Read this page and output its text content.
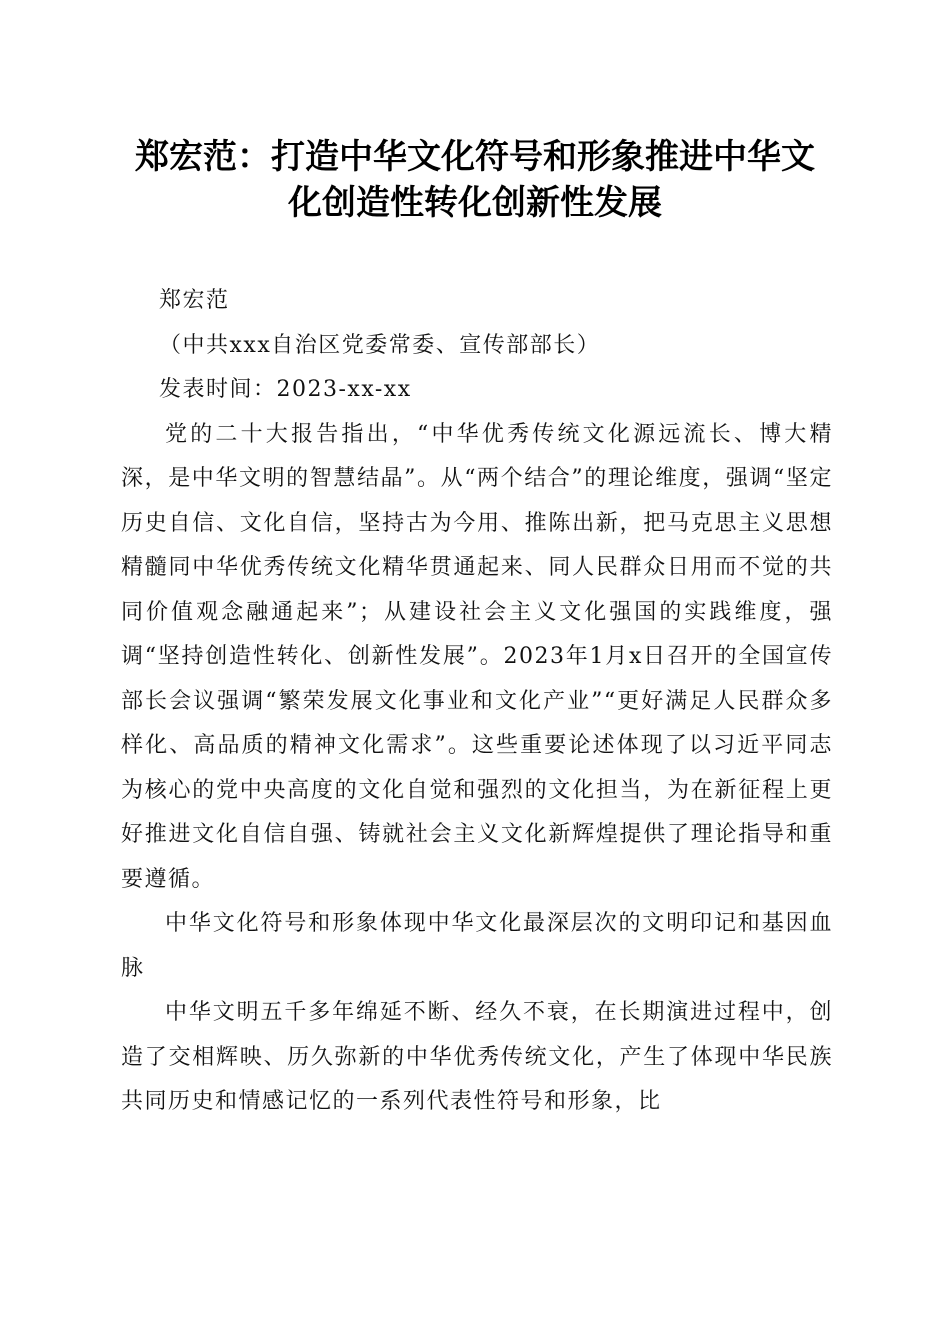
郑宏范：打造中华文化符号和形象推进中华文
化创造性转化创新性发展

郑宏范

（中共xxx自治区党委常委、宣传部部长）

发表时间：2023-xx-xx

党的二十大报告指出，“中华优秀传统文化源远流长、博大精深，是中华文明的智慧结晶”。从“两个结合”的理论维度，强调“坚定历史自信、文化自信，坚持古为今用、推陈出新，把马克思主义思想精髓同中华优秀传统文化精华贯通起来、同人民群众日用而不觉的共同价值观念融通起来”；从建设社会主义文化强国的实践维度，强调“坚持创造性转化、创新性发展”。2023年1月x日召开的全国宣传部长会议强调“繁荣发展文化事业和文化产业”“更好满足人民群众多样化、高品质的精神文化需求”。这些重要论述体现了以习近平同志为核心的党中央高度的文化自觉和强烈的文化担当，为在新征程上更好推进文化自信自强、铸就社会主义文化新辉煌提供了理论指导和重要遵循。

中华文化符号和形象体现中华文化最深层次的文明印记和基因血脉

中华文明五千多年绵延不断、经久不衰，在长期演进过程中，创造了交相辉映、历久弥新的中华优秀传统文化，产生了体现中华民族共同历史和情感记忆的一系列代表性符号和形象，比
